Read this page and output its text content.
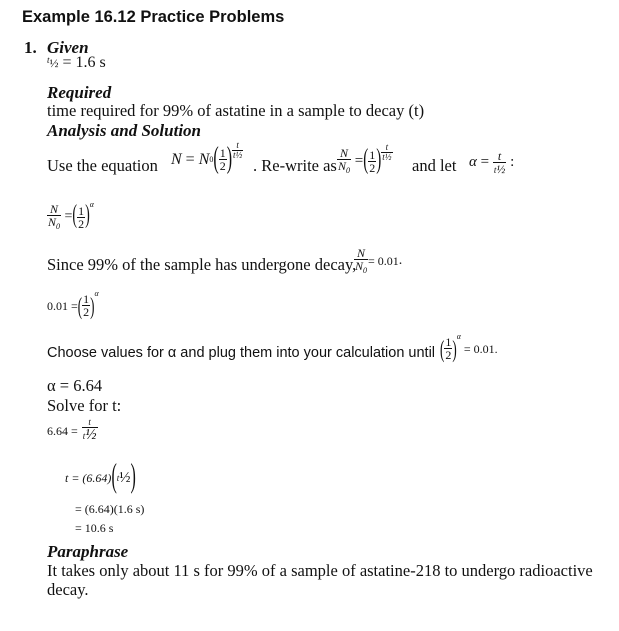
Example 16.12 Practice Problems
1. Given
$^t$½ = 1.6 s
Required
time required for 99% of astatine in a sample to decay (t)
Analysis and Solution
Use the equation N = N 0 ( $\frac{1}{2}$ ) $\frac{t}{\text{t½}}$
. Re-write as $\frac{N}{N_0}$ = ( $\frac{1}{2}$ ) $\frac{t}{\text{t½}}$
and let $\alpha = \frac{t}{\text{t½}}$ :
$\frac{N}{N_0}$ = ( $\frac{1}{2}$ ) α
Since 99% of the sample has undergone decay,
$\frac{N}{N_0} = 0.01$ .
0.01 = ( $\frac{1}{2}$ ) α
Choose values for α and plug them into your calculation until ( $\frac{1}{2}$ ) α

= 0.01 .
α = 6.64
Solve for t:
6.64 =
$\frac{t}{\text{t½}}$
t = (6.64) ( t ½ )
= (6.64)(1.6 s)
= 10.6 s
Paraphrase
It takes only about 11 s for 99% of a sample of astatine-218 to undergo radioactive
decay.
